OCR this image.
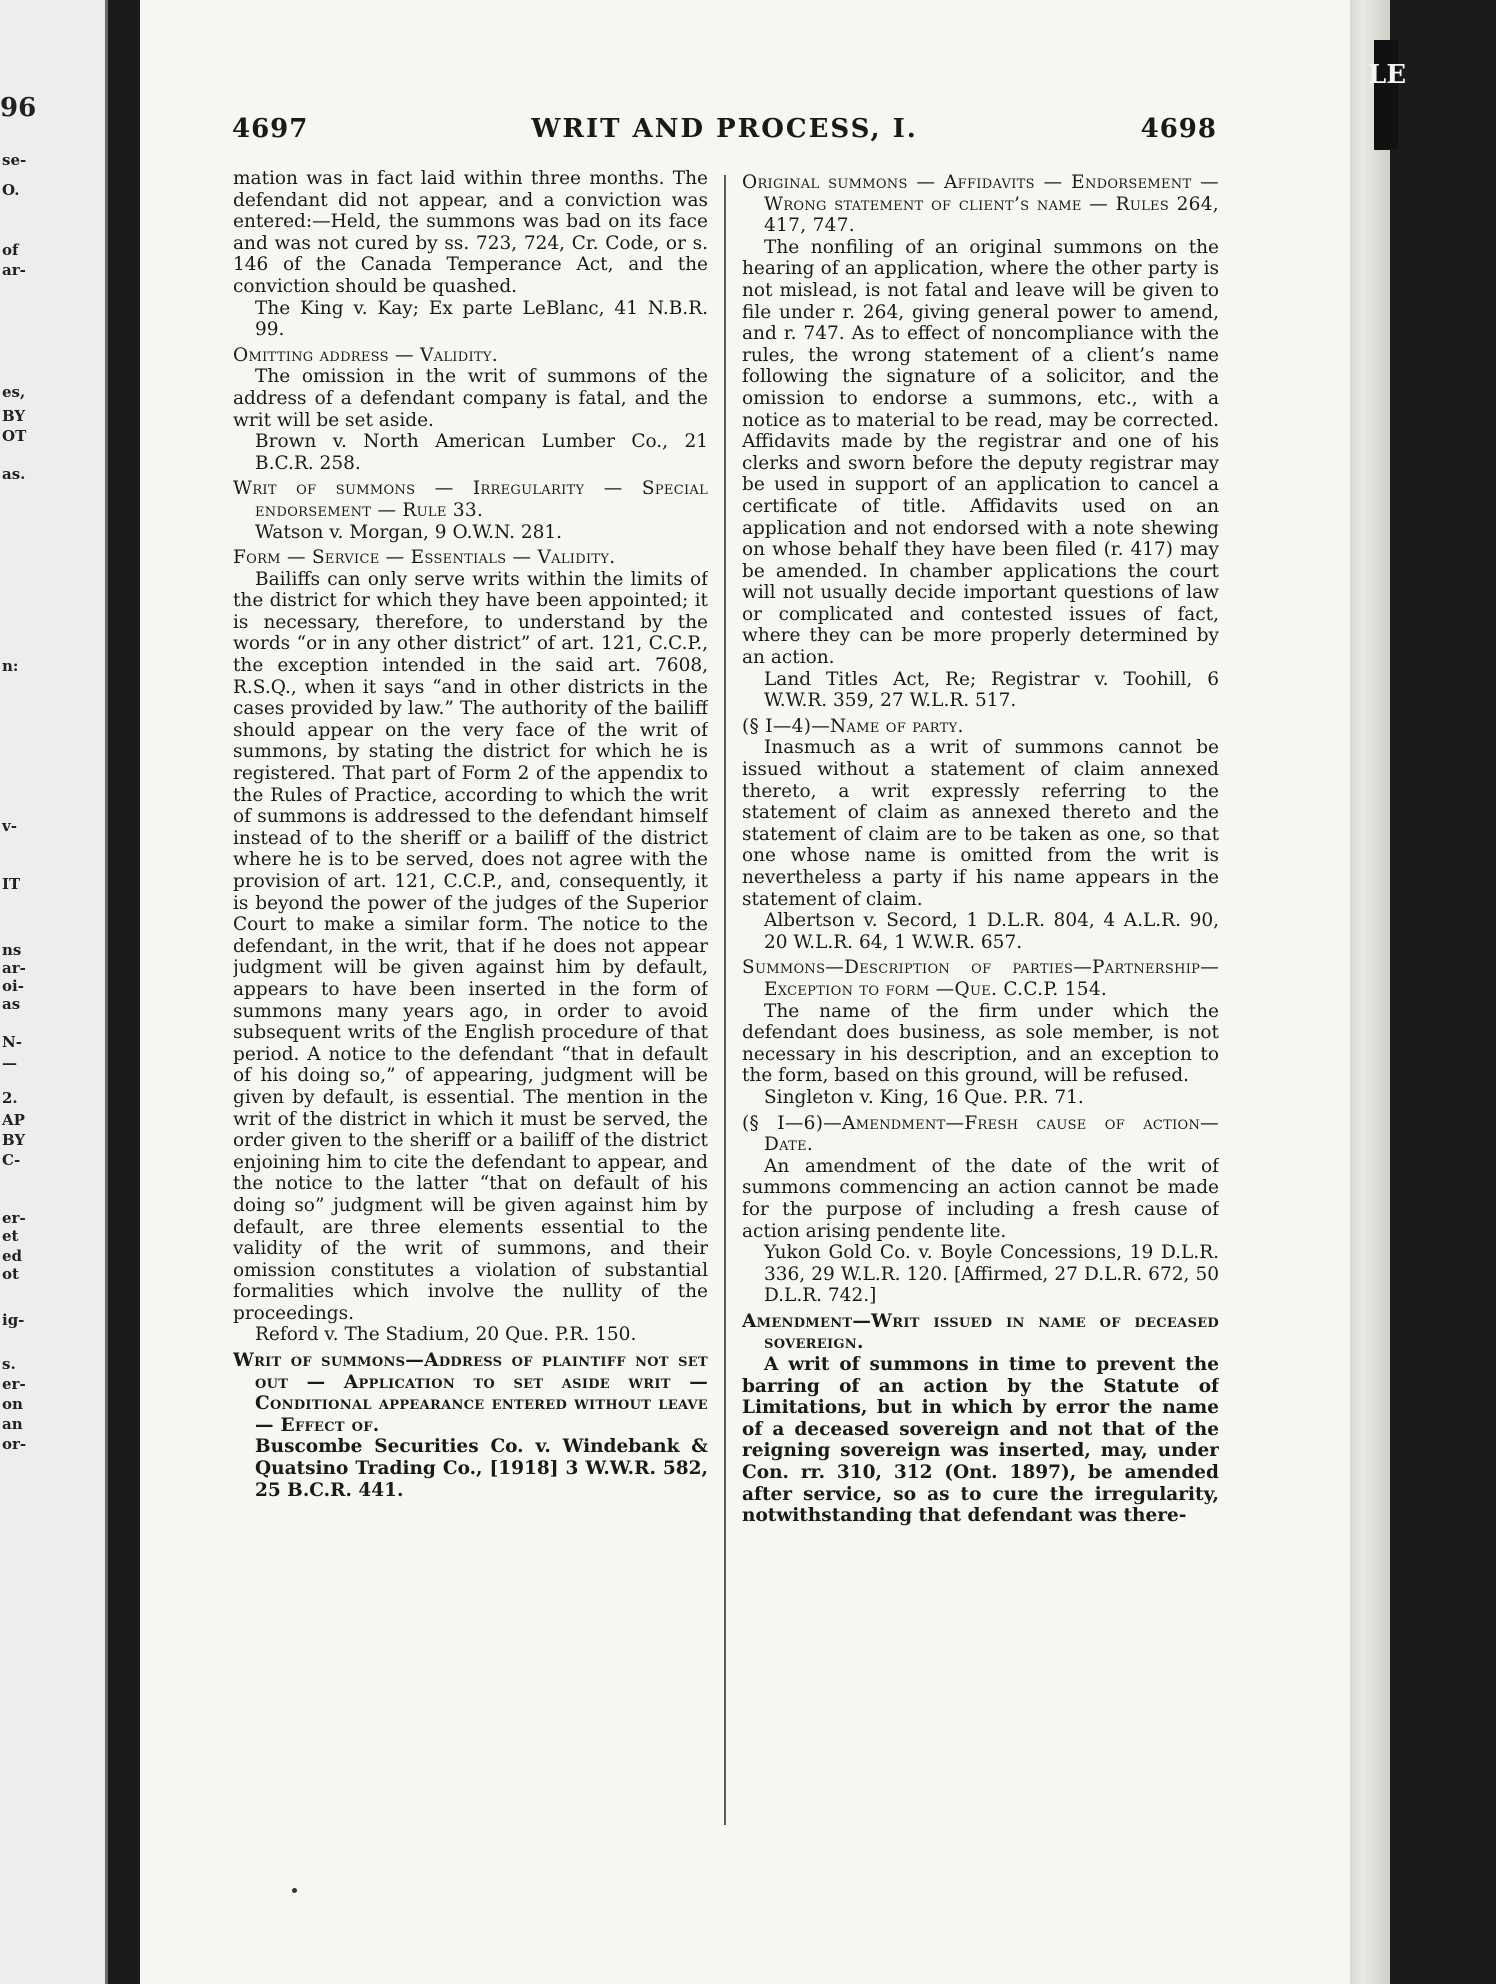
96
se-
O.
of
ar-
es,
BY
OT
as.
n:
v-
IT
ns
ar-
oi-
as
N-
—
2.
AP
BY
C-
er-
et
ed
ot
ig-
s.
er-
on
an
or-
LE
4697	WRIT AND PROCESS, I.	4698

mation was in fact laid within three months. The defendant did not appear, and a conviction was entered:—Held, the summons was bad on its face and was not cured by ss. 723, 724, Cr. Code, or s. 146 of the Canada Temperance Act, and the conviction should be quashed.

The King v. Kay; Ex parte LeBlanc, 41 N.B.R. 99.

Omitting address — Validity.

The omission in the writ of summons of the address of a defendant company is fatal, and the writ will be set aside.

Brown v. North American Lumber Co., 21 B.C.R. 258.

Writ of summons — Irregularity — Special endorsement — Rule 33.

Watson v. Morgan, 9 O.W.N. 281.

Form — Service — Essentials — Validity.

Bailiffs can only serve writs within the limits of the district for which they have been appointed; it is necessary, therefore, to understand by the words “or in any other district” of art. 121, C.C.P., the exception intended in the said art. 7608, R.S.Q., when it says “and in other districts in the cases provided by law.” The authority of the bailiff should appear on the very face of the writ of summons, by stating the district for which he is registered. That part of Form 2 of the appendix to the Rules of Practice, according to which the writ of summons is addressed to the defendant himself instead of to the sheriff or a bailiff of the district where he is to be served, does not agree with the provision of art. 121, C.C.P., and, consequently, it is beyond the power of the judges of the Superior Court to make a similar form. The notice to the defendant, in the writ, that if he does not appear judgment will be given against him by default, appears to have been inserted in the form of summons many years ago, in order to avoid subsequent writs of the English procedure of that period. A notice to the defendant “that in default of his doing so,” of appearing, judgment will be given by default, is essential. The mention in the writ of the district in which it must be served, the order given to the sheriff or a bailiff of the district enjoining him to cite the defendant to appear, and the notice to the latter “that on default of his doing so” judgment will be given against him by default, are three elements essential to the validity of the writ of summons, and their omission constitutes a violation of substantial formalities which involve the nullity of the proceedings.

Reford v. The Stadium, 20 Que. P.R. 150.

Writ of summons—Address of plaintiff not set out — Application to set aside writ — Conditional appearance entered without leave — Effect of.

Buscombe Securities Co. v. Windebank & Quatsino Trading Co., [1918] 3 W.W.R. 582, 25 B.C.R. 441.

Original summons — Affidavits — Endorsement — Wrong statement of client’s name — Rules 264, 417, 747.

The nonfiling of an original summons on the hearing of an application, where the other party is not mislead, is not fatal and leave will be given to file under r. 264, giving general power to amend, and r. 747. As to effect of noncompliance with the rules, the wrong statement of a client’s name following the signature of a solicitor, and the omission to endorse a summons, etc., with a notice as to material to be read, may be corrected. Affidavits made by the registrar and one of his clerks and sworn before the deputy registrar may be used in support of an application to cancel a certificate of title. Affidavits used on an application and not endorsed with a note shewing on whose behalf they have been filed (r. 417) may be amended. In chamber applications the court will not usually decide important questions of law or complicated and contested issues of fact, where they can be more properly determined by an action.

Land Titles Act, Re; Registrar v. Toohill, 6 W.W.R. 359, 27 W.L.R. 517.

(§ I—4)—Name of party.

Inasmuch as a writ of summons cannot be issued without a statement of claim annexed thereto, a writ expressly referring to the statement of claim as annexed thereto and the statement of claim are to be taken as one, so that one whose name is omitted from the writ is nevertheless a party if his name appears in the statement of claim.

Albertson v. Secord, 1 D.L.R. 804, 4 A.L.R. 90, 20 W.L.R. 64, 1 W.W.R. 657.

Summons—Description of parties—Partnership—Exception to form —Que. C.C.P. 154.

The name of the firm under which the defendant does business, as sole member, is not necessary in his description, and an exception to the form, based on this ground, will be refused.

Singleton v. King, 16 Que. P.R. 71.

(§ I—6)—Amendment—Fresh cause of action—Date.

An amendment of the date of the writ of summons commencing an action cannot be made for the purpose of including a fresh cause of action arising pendente lite.

Yukon Gold Co. v. Boyle Concessions, 19 D.L.R. 336, 29 W.L.R. 120. [Affirmed, 27 D.L.R. 672, 50 D.L.R. 742.]

Amendment—Writ issued in name of deceased sovereign.

A writ of summons in time to prevent the barring of an action by the Statute of Limitations, but in which by error the name of a deceased sovereign and not that of the reigning sovereign was inserted, may, under Con. rr. 310, 312 (Ont. 1897), be amended after service, so as to cure the irregularity, notwithstanding that defendant was there-
